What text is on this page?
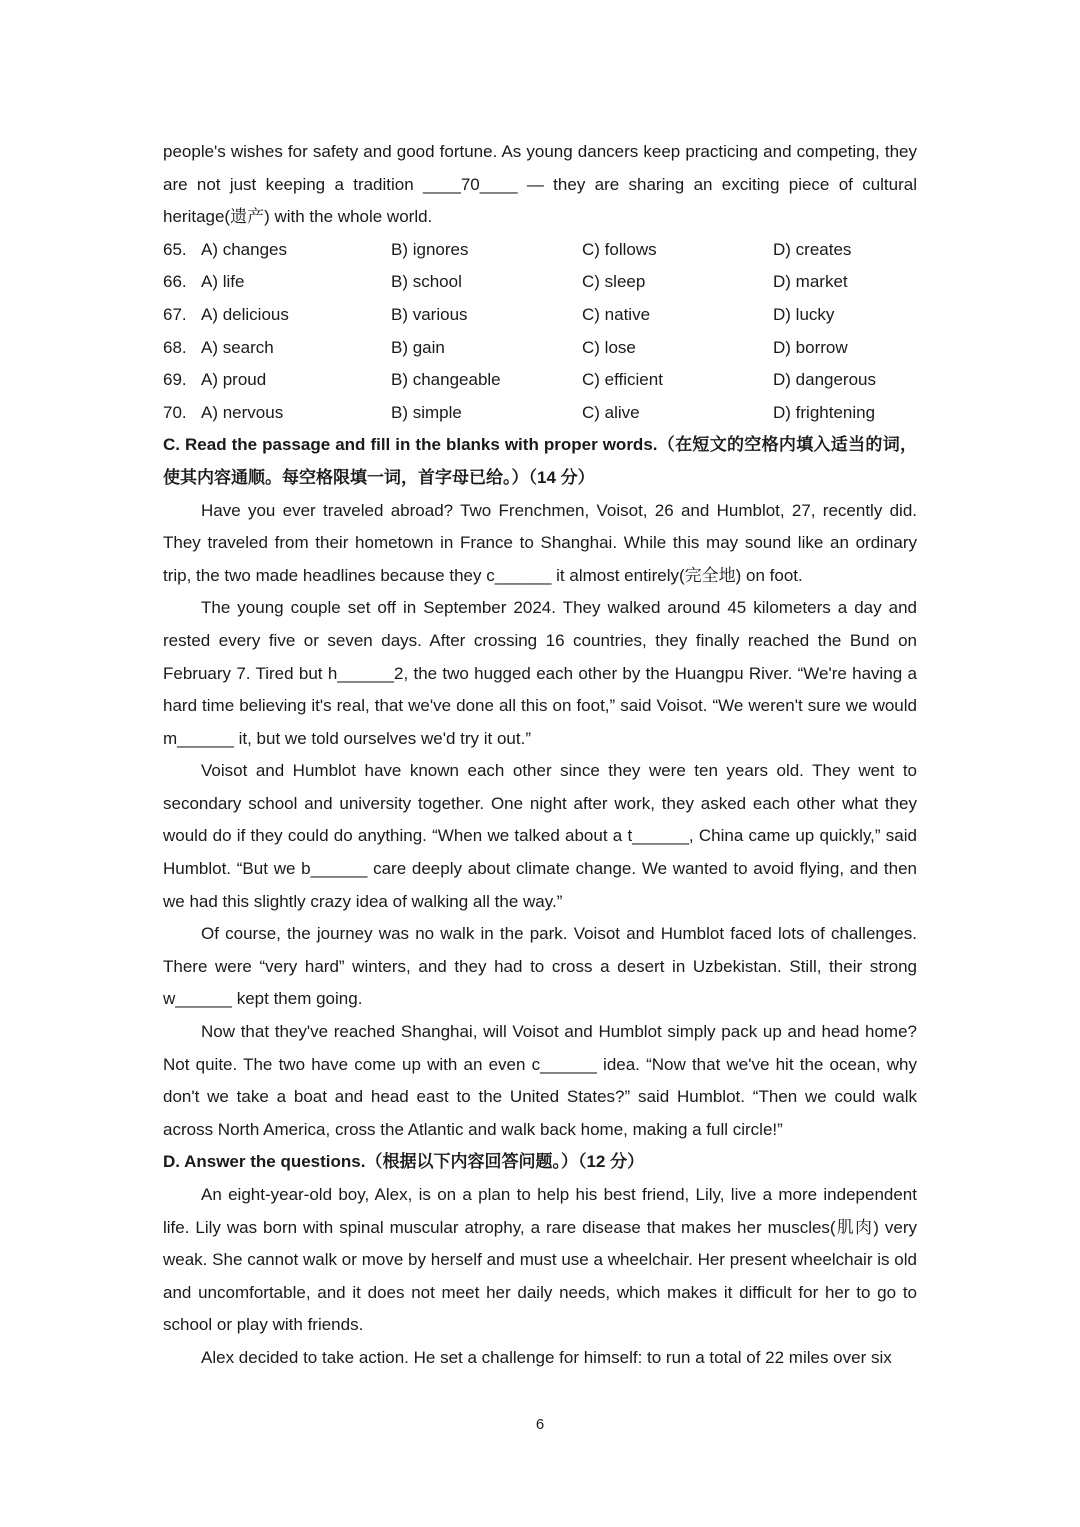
people's wishes for safety and good fortune. As young dancers keep practicing and competing, they are not just keeping a tradition ____70____ — they are sharing an exciting piece of cultural heritage(遗产) with the whole world.

65. A) changes	B) ignores	C) follows	D) creates
66. A) life	B) school	C) sleep	D) market
67. A) delicious	B) various	C) native	D) lucky
68. A) search	B) gain	C) lose	D) borrow
69. A) proud	B) changeable	C) efficient	D) dangerous
70. A) nervous	B) simple	C) alive	D) frightening

C. Read the passage and fill in the blanks with proper words.（在短文的空格内填入适当的词，使其内容通顺。每空格限填一词，首字母已给。）（14 分）

Have you ever traveled abroad? Two Frenchmen, Voisot, 26 and Humblot, 27, recently did. They traveled from their hometown in France to Shanghai. While this may sound like an ordinary trip, the two made headlines because they c______ it almost entirely(完全地) on foot.

The young couple set off in September 2024. They walked around 45 kilometers a day and rested every five or seven days. After crossing 16 countries, they finally reached the Bund on February 7. Tired but h______2, the two hugged each other by the Huangpu River. “We're having a hard time believing it's real, that we've done all this on foot,” said Voisot. “We weren't sure we would m______ it, but we told ourselves we'd try it out.”

Voisot and Humblot have known each other since they were ten years old. They went to secondary school and university together. One night after work, they asked each other what they would do if they could do anything. “When we talked about a t______, China came up quickly,” said Humblot. “But we b______ care deeply about climate change. We wanted to avoid flying, and then we had this slightly crazy idea of walking all the way.”

Of course, the journey was no walk in the park. Voisot and Humblot faced lots of challenges. There were “very hard” winters, and they had to cross a desert in Uzbekistan. Still, their strong w______ kept them going.

Now that they've reached Shanghai, will Voisot and Humblot simply pack up and head home? Not quite. The two have come up with an even c______ idea. “Now that we've hit the ocean, why don't we take a boat and head east to the United States?” said Humblot. “Then we could walk across North America, cross the Atlantic and walk back home, making a full circle!”

D. Answer the questions.（根据以下内容回答问题。）（12 分）

An eight-year-old boy, Alex, is on a plan to help his best friend, Lily, live a more independent life. Lily was born with spinal muscular atrophy, a rare disease that makes her muscles(肌肉) very weak. She cannot walk or move by herself and must use a wheelchair. Her present wheelchair is old and uncomfortable, and it does not meet her daily needs, which makes it difficult for her to go to school or play with friends.

Alex decided to take action. He set a challenge for himself: to run a total of 22 miles over six

6
